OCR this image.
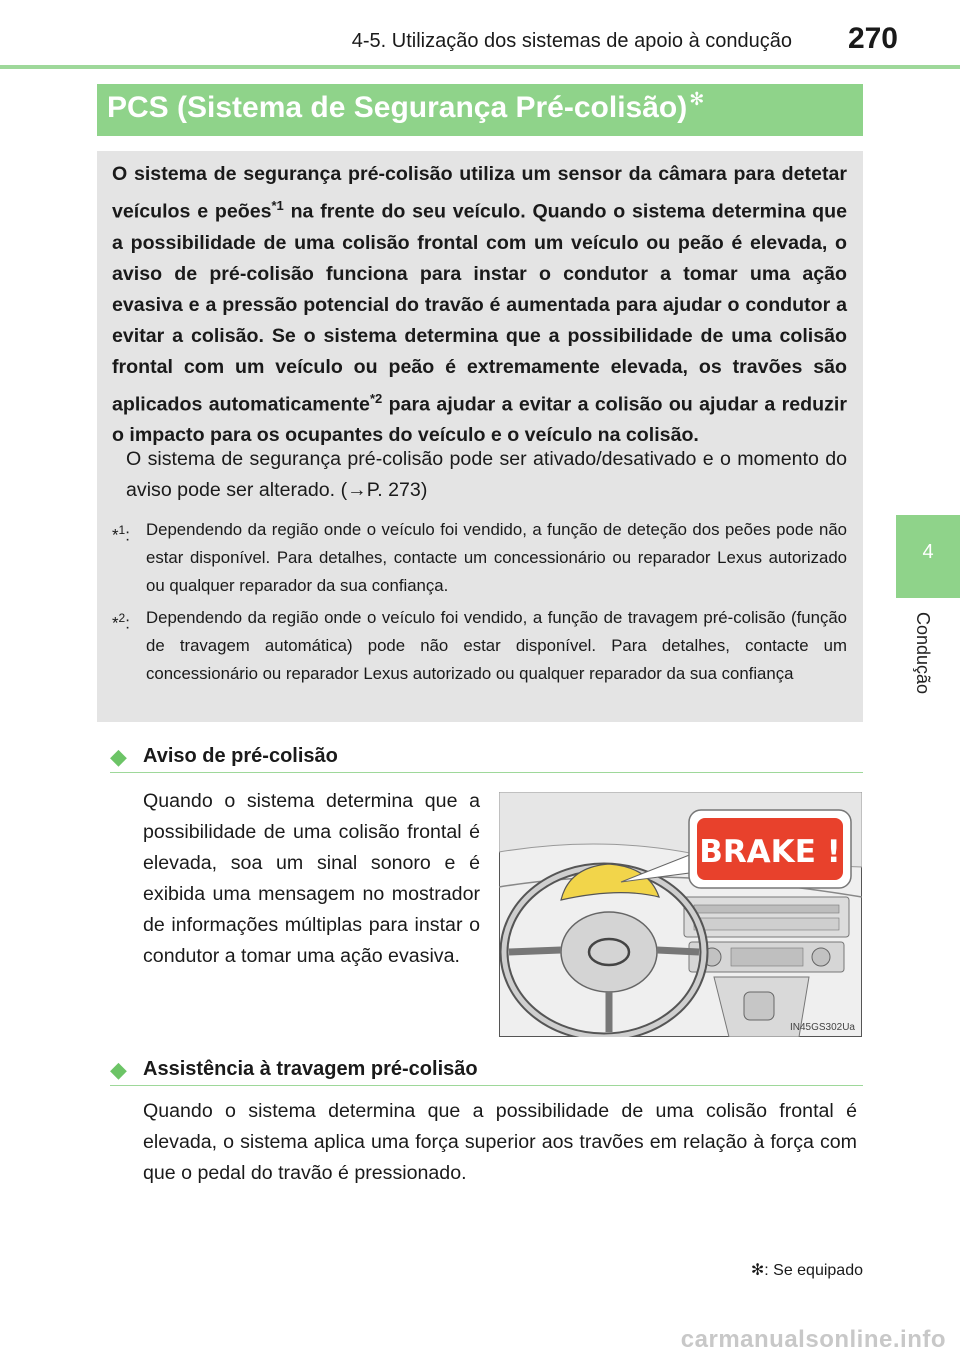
4-5. Utilização dos sistemas de apoio à condução 270
4
Condução
PCS (Sistema de Segurança Pré-colisão) ✻

O sistema de segurança pré-colisão utiliza um sensor da câmara para detetar veículos e peões$^{*1}$ na frente do seu veículo. Quando o sistema determina que a possibilidade de uma colisão frontal com um veículo ou peão é elevada, o aviso de pré-colisão funciona para instar o condutor a tomar uma ação evasiva e a pressão potencial do travão é aumentada para ajudar o condutor a evitar a colisão. Se o sistema determina que a possibilidade de uma colisão frontal com um veículo ou peão é extremamente elevada, os travões são aplicados automaticamente$^{*2}$ para ajudar a evitar a colisão ou ajudar a reduzir o impacto para os ocupantes do veículo e o veículo na colisão.

O sistema de segurança pré-colisão pode ser ativado/desativado e o momento do aviso pode ser alterado. (→P. 273)

*$^1$: Dependendo da região onde o veículo foi vendido, a função de deteção dos peões pode não estar disponível. Para detalhes, contacte um concessionário ou reparador Lexus autorizado ou qualquer reparador da sua confiança.
*$^2$: Dependendo da região onde o veículo foi vendido, a função de travagem pré-colisão (função de travagem automática) pode não estar disponível. Para detalhes, contacte um concessionário ou reparador Lexus autorizado ou qualquer reparador da sua confiança
◆ Aviso de pré-colisão

Quando o sistema determina que a possibilidade de uma colisão frontal é elevada, soa um sinal sonoro e é exibida uma mensagem no mostrador de informações múltiplas para instar o condutor a tomar uma ação evasiva.

BRAKE !
IN45GS302Ua
◆ Assistência à travagem pré-colisão

Quando o sistema determina que a possibilidade de uma colisão frontal é elevada, o sistema aplica uma força superior aos travões em relação à força com que o pedal do travão é pressionado.

✻: Se equipado
carmanualsonline.info
